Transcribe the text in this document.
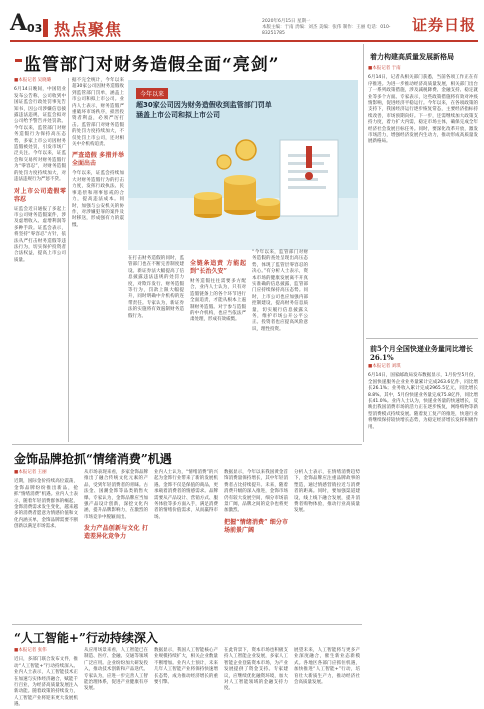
A 03 热点聚焦	2020年6月15日 星期一
本版主编：于南 责编：刘杰 美编：张伟 制作：王丽 电话：010-83251785	证券日报
监管部门对财务造假全面“亮剑”
■本报记者 吴晓璐
6月14日晚间，中国铝业发布公告称，公司收到中国证监会行政处罚事先告知书，因公司涉嫌信息披露违法违规，证监会拟对公司给予警告并处罚款。今年以来，监管部门对财务造假行为保持高压态势，多家上市公司因财务造假被处罚，引发市场广泛关注。今年以来，证监会和交易所对财务造假行为“零容忍”，对财务造假的处罚力度持续加大，对违法违规行为严惩不贷。
对上市公司造假零容忍
证监会近日通报了多起上市公司财务造假案件，涉及虚增收入、虚增利润等多种手段。证监会表示，将坚持“零容忍”方针，依法从严打击财务造假等违法行为，切实保护投资者合法权益，提高上市公司质量。
据不完全统计，今年以来超30家公司因财务造假收到监管部门罚单，涵盖上市公司和拟上市公司。业内人士表示，财务造假严重破坏市场秩序，损害投资者利益，必须严厉打击。监管部门对财务造假的处罚力度持续加大，不仅处罚上市公司，还对相关中介机构追责。
严查造假 多措并举全面出击
今年以来，证监会持续加大对财务造假行为的打击力度，发挥行政执法、民事追偿和刑事惩戒的合力，提高违法成本。同时，加强与公安机关的协作，对涉嫌犯罪的案件及时移送，形成强有力的震慑。
今年以来
超30家公司因为财务造假收到监管部门罚单 涵盖上市公司和拟上市公司
在打击财务造假的同时，监管部门也在不断完善制度建设。新证券法大幅提高了信息披露违法违规的处罚力度，对欺诈发行、财务造假等行为，罚款上限大幅提升，同时明确中介机构的连带责任。专家认为，新证券法的实施将有效遏制财务造假行为。
全链条追责 方能起到“长治久安”
财务造假往往需要多方配合，业内人士认为，只有对造假链条上的各个环节进行全面追责，才能从根本上遏制财务造假。对于参与造假的中介机构，也应当依法严肃处理，形成有效威慑。
“今年以来，监管部门对财务造假的查处呈现出高压态势，体现了监管层零容忍的决心。”有分析人士表示，资本市场的健康发展离不开真实准确的信息披露，监管部门应持续保持高压态势。同时，上市公司也应加强内部控制建设，提高财务信息质量，切实履行信息披露义务，维护市场公开公平公正。投资者也应提高风险意识，理性投资。
着力构建高质量发展新格局
■本报记者 于南
6月14日，记者从相关部门获悉，当前各项工作正在有序推进。为进一步推动经济高质量发展，相关部门出台了一系列政策措施，涉及减税降费、金融支持、稳定就业等多个方面。专家表示，这些政策措施将有效对冲疫情影响，促进经济平稳运行。今年以来，在各项政策的支持下，我国经济运行逐步恢复常态，主要经济指标持续改善，市场预期向好。下一步，还需继续加大政策支持力度，着力扩大内需，稳定市场主体，确保完成全年经济社会发展目标任务。同时，要深化改革开放，激发市场活力，增强经济发展内生动力，推动形成高质量发展新格局。
前5个月全国快递业务量同比增长26.1%
■本报记者 刘琪
6月14日，国家邮政局发布数据显示，1月份至5月份，全国快递服务企业业务量累计完成263.6亿件，同比增长26.1%；业务收入累计完成2965.5亿元，同比增长8.8%。其中，5月份快递业务量完成75.8亿件，同比增长41.0%。业内人士认为，快递业务量的快速增长，反映出我国消费市场的活力正在逐步恢复，网络购物等新型消费模式持续发展。随着复工复产的推进，快递行业将继续保持较快增长态势，为稳定经济增长发挥积极作用。
金饰品牌抢抓“情绪消费”机遇
■本报记者 王丽
近期，国际金价持续高位震荡，金饰品牌纷纷推出新品，抢抓“情绪消费”机遇。业内人士表示，随着年轻消费群体的崛起，金饰消费需求发生变化，越来越多的消费者愿意为情感价值和文化内涵买单，金饰品牌需要不断创新以满足市场需求。
从市场表现来看，多家金饰品牌推出了融合传统文化元素的产品，受到年轻消费者的青睐。古法金、国潮金饰等品类销售火爆。专家认为，金饰品牌应当加强产品设计创新，深挖文化内涵，提升品牌影响力，在激烈的市场竞争中脱颖而出。
发力产品创新与文化 打造差异化竞争力
业内人士认为，“情绪消费”的兴起为金饰行业带来了新的发展机遇。金饰不仅是保值的商品，更承载着消费者的情感需求。品牌需要从产品设计、营销方式、服务体验等多方面入手，满足消费者的情绪价值需求，从而赢得市场。
数据显示，今年以来我国黄金首饰消费量保持增长，其中年轻消费者占比持续提升。未来，随着消费升级的深入推进，金饰市场仍有较大发展空间，细分市场前景广阔，品牌之间的竞争也将更加激烈。
把握“情绪消费” 细分市场前景广阔
分析人士表示，在情绪消费趋势下，金饰品牌应注重品牌故事的塑造，通过情感营销拉近与消费者的距离。同时，要加强渠道建设，线上线下融合发展，提升消费者购物体验，推动行业高质量发展。
“人工智能+”行动持续深入
■本报记者 张伟
近日，多部门联合发布文件，推动“人工智能+”行动持续深入。业内人士表示，人工智能技术正在加速与实体经济融合，赋能千行百业，为经济高质量发展注入新动能。随着政策的持续发力，人工智能产业将迎来更大发展机遇。
从应用场景来看，人工智能已在制造、医疗、金融、交通等领域广泛应用。企业纷纷加大研发投入，推动技术创新和产品迭代。专家认为，应进一步完善人工智能治理体系，促进产业健康有序发展。
数据显示，我国人工智能核心产业规模持续扩大，相关企业数量不断增加。业内人士预计，未来几年人工智能产业将保持快速增长态势，成为推动经济增长的重要引擎。
在此背景下，资本市场也积极支持人工智能企业发展，多家人工智能企业登陆资本市场，为产业发展提供了资金支持。专家建议，应继续优化融资环境，加大对人工智能领域的金融支持力度。
展望未来，人工智能将与更多产业深度融合，催生新业态新模式。各地区各部门应抓住机遇，加快推进“人工智能+”行动，培育壮大新质生产力，推动经济社会高质量发展。
